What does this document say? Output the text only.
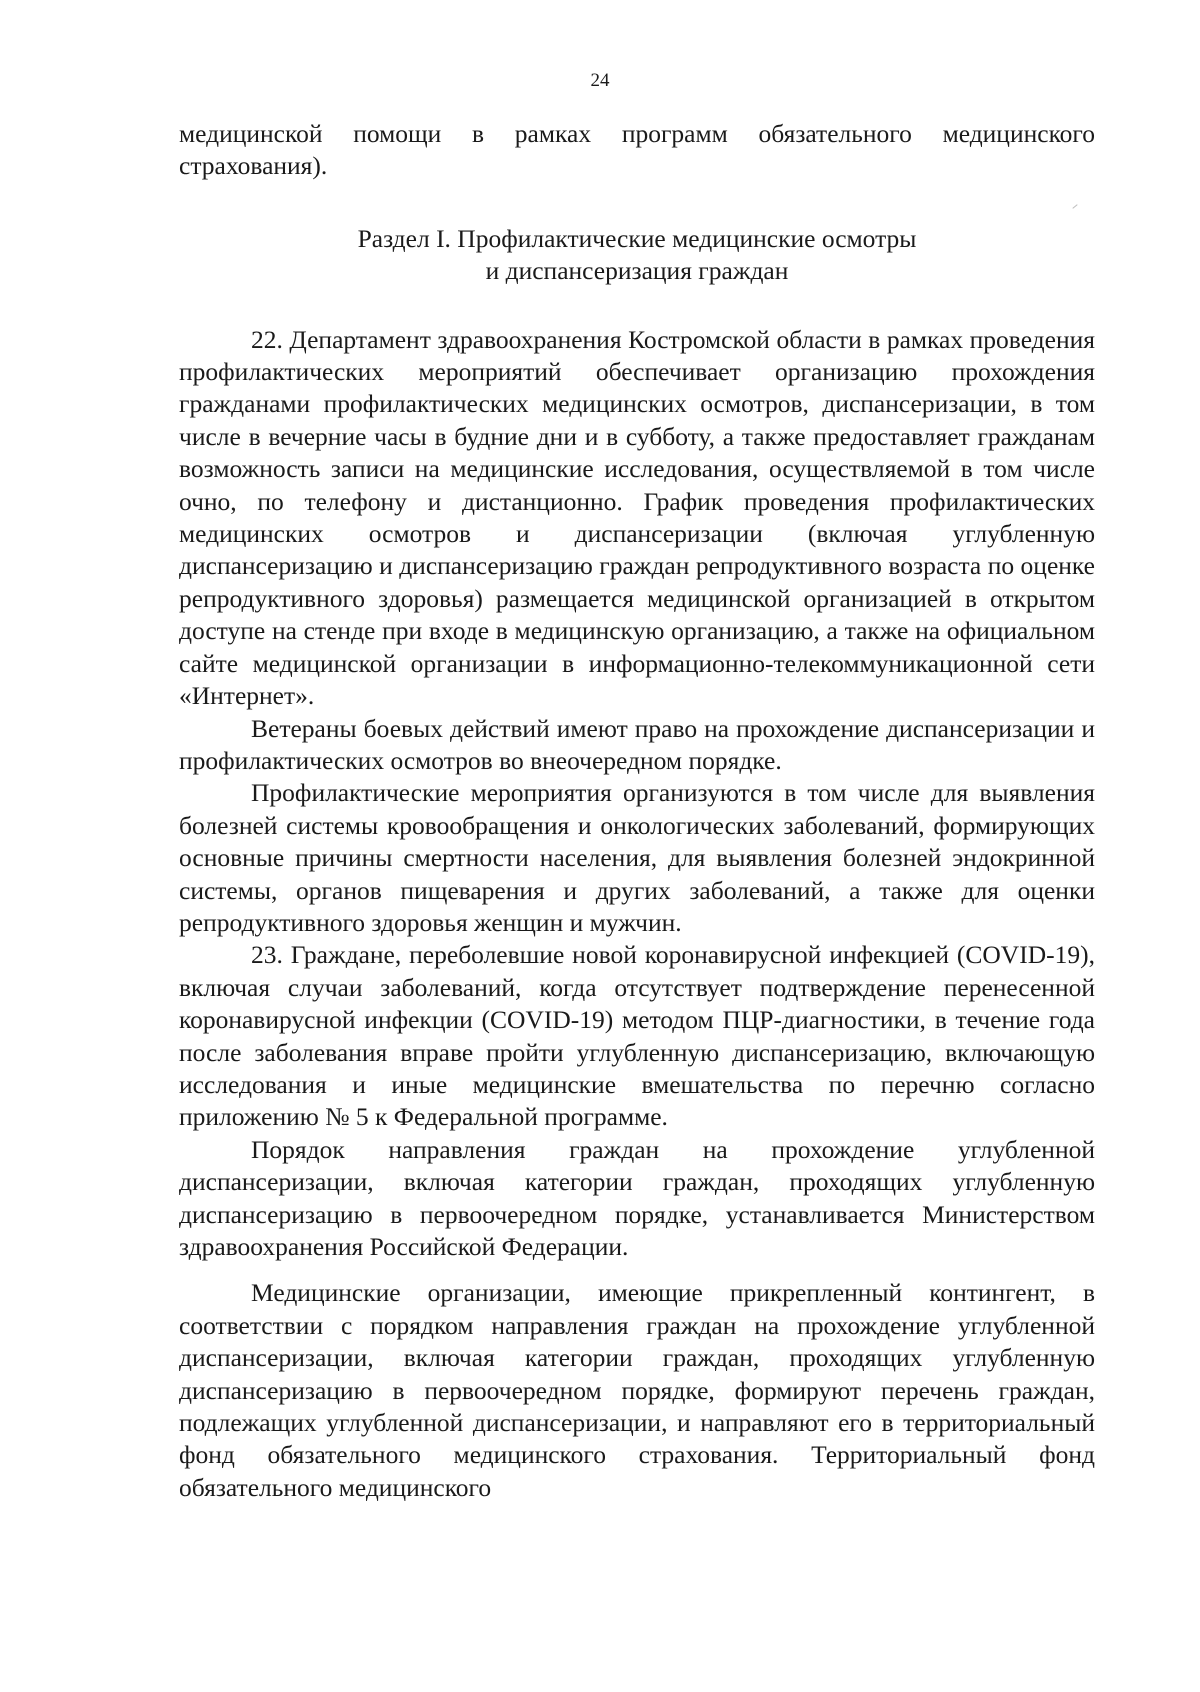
24

медицинской помощи в рамках программ обязательного медицинского страхования).

Раздел I. Профилактические медицинские осмотры
и диспансеризация граждан

22. Департамент здравоохранения Костромской области в рамках проведения профилактических мероприятий обеспечивает организацию прохождения гражданами профилактических медицинских осмотров, диспансеризации, в том числе в вечерние часы в будние дни и в субботу, а также предоставляет гражданам возможность записи на медицинские исследования, осуществляемой в том числе очно, по телефону и дистанционно. График проведения профилактических медицинских осмотров и диспансеризации (включая углубленную диспансеризацию и диспансеризацию граждан репродуктивного возраста по оценке репродуктивного здоровья) размещается медицинской организацией в открытом доступе на стенде при входе в медицинскую организацию, а также на официальном сайте медицинской организации в информационно-телекоммуникационной сети «Интернет».

Ветераны боевых действий имеют право на прохождение диспансеризации и профилактических осмотров во внеочередном порядке.

Профилактические мероприятия организуются в том числе для выявления болезней системы кровообращения и онкологических заболеваний, формирующих основные причины смертности населения, для выявления болезней эндокринной системы, органов пищеварения и других заболеваний, а также для оценки репродуктивного здоровья женщин и мужчин.

23. Граждане, переболевшие новой коронавирусной инфекцией (COVID-19), включая случаи заболеваний, когда отсутствует подтверждение перенесенной коронавирусной инфекции (COVID-19) методом ПЦР-диагностики, в течение года после заболевания вправе пройти углубленную диспансеризацию, включающую исследования и иные медицинские вмешательства по перечню согласно приложению № 5 к Федеральной программе.

Порядок направления граждан на прохождение углубленной диспансеризации, включая категории граждан, проходящих углубленную диспансеризацию в первоочередном порядке, устанавливается Министерством здравоохранения Российской Федерации.

Медицинские организации, имеющие прикрепленный контингент, в соответствии с порядком направления граждан на прохождение углубленной диспансеризации, включая категории граждан, проходящих углубленную диспансеризацию в первоочередном порядке, формируют перечень граждан, подлежащих углубленной диспансеризации, и направляют его в территориальный фонд обязательного медицинского страхования. Территориальный фонд обязательного медицинского
